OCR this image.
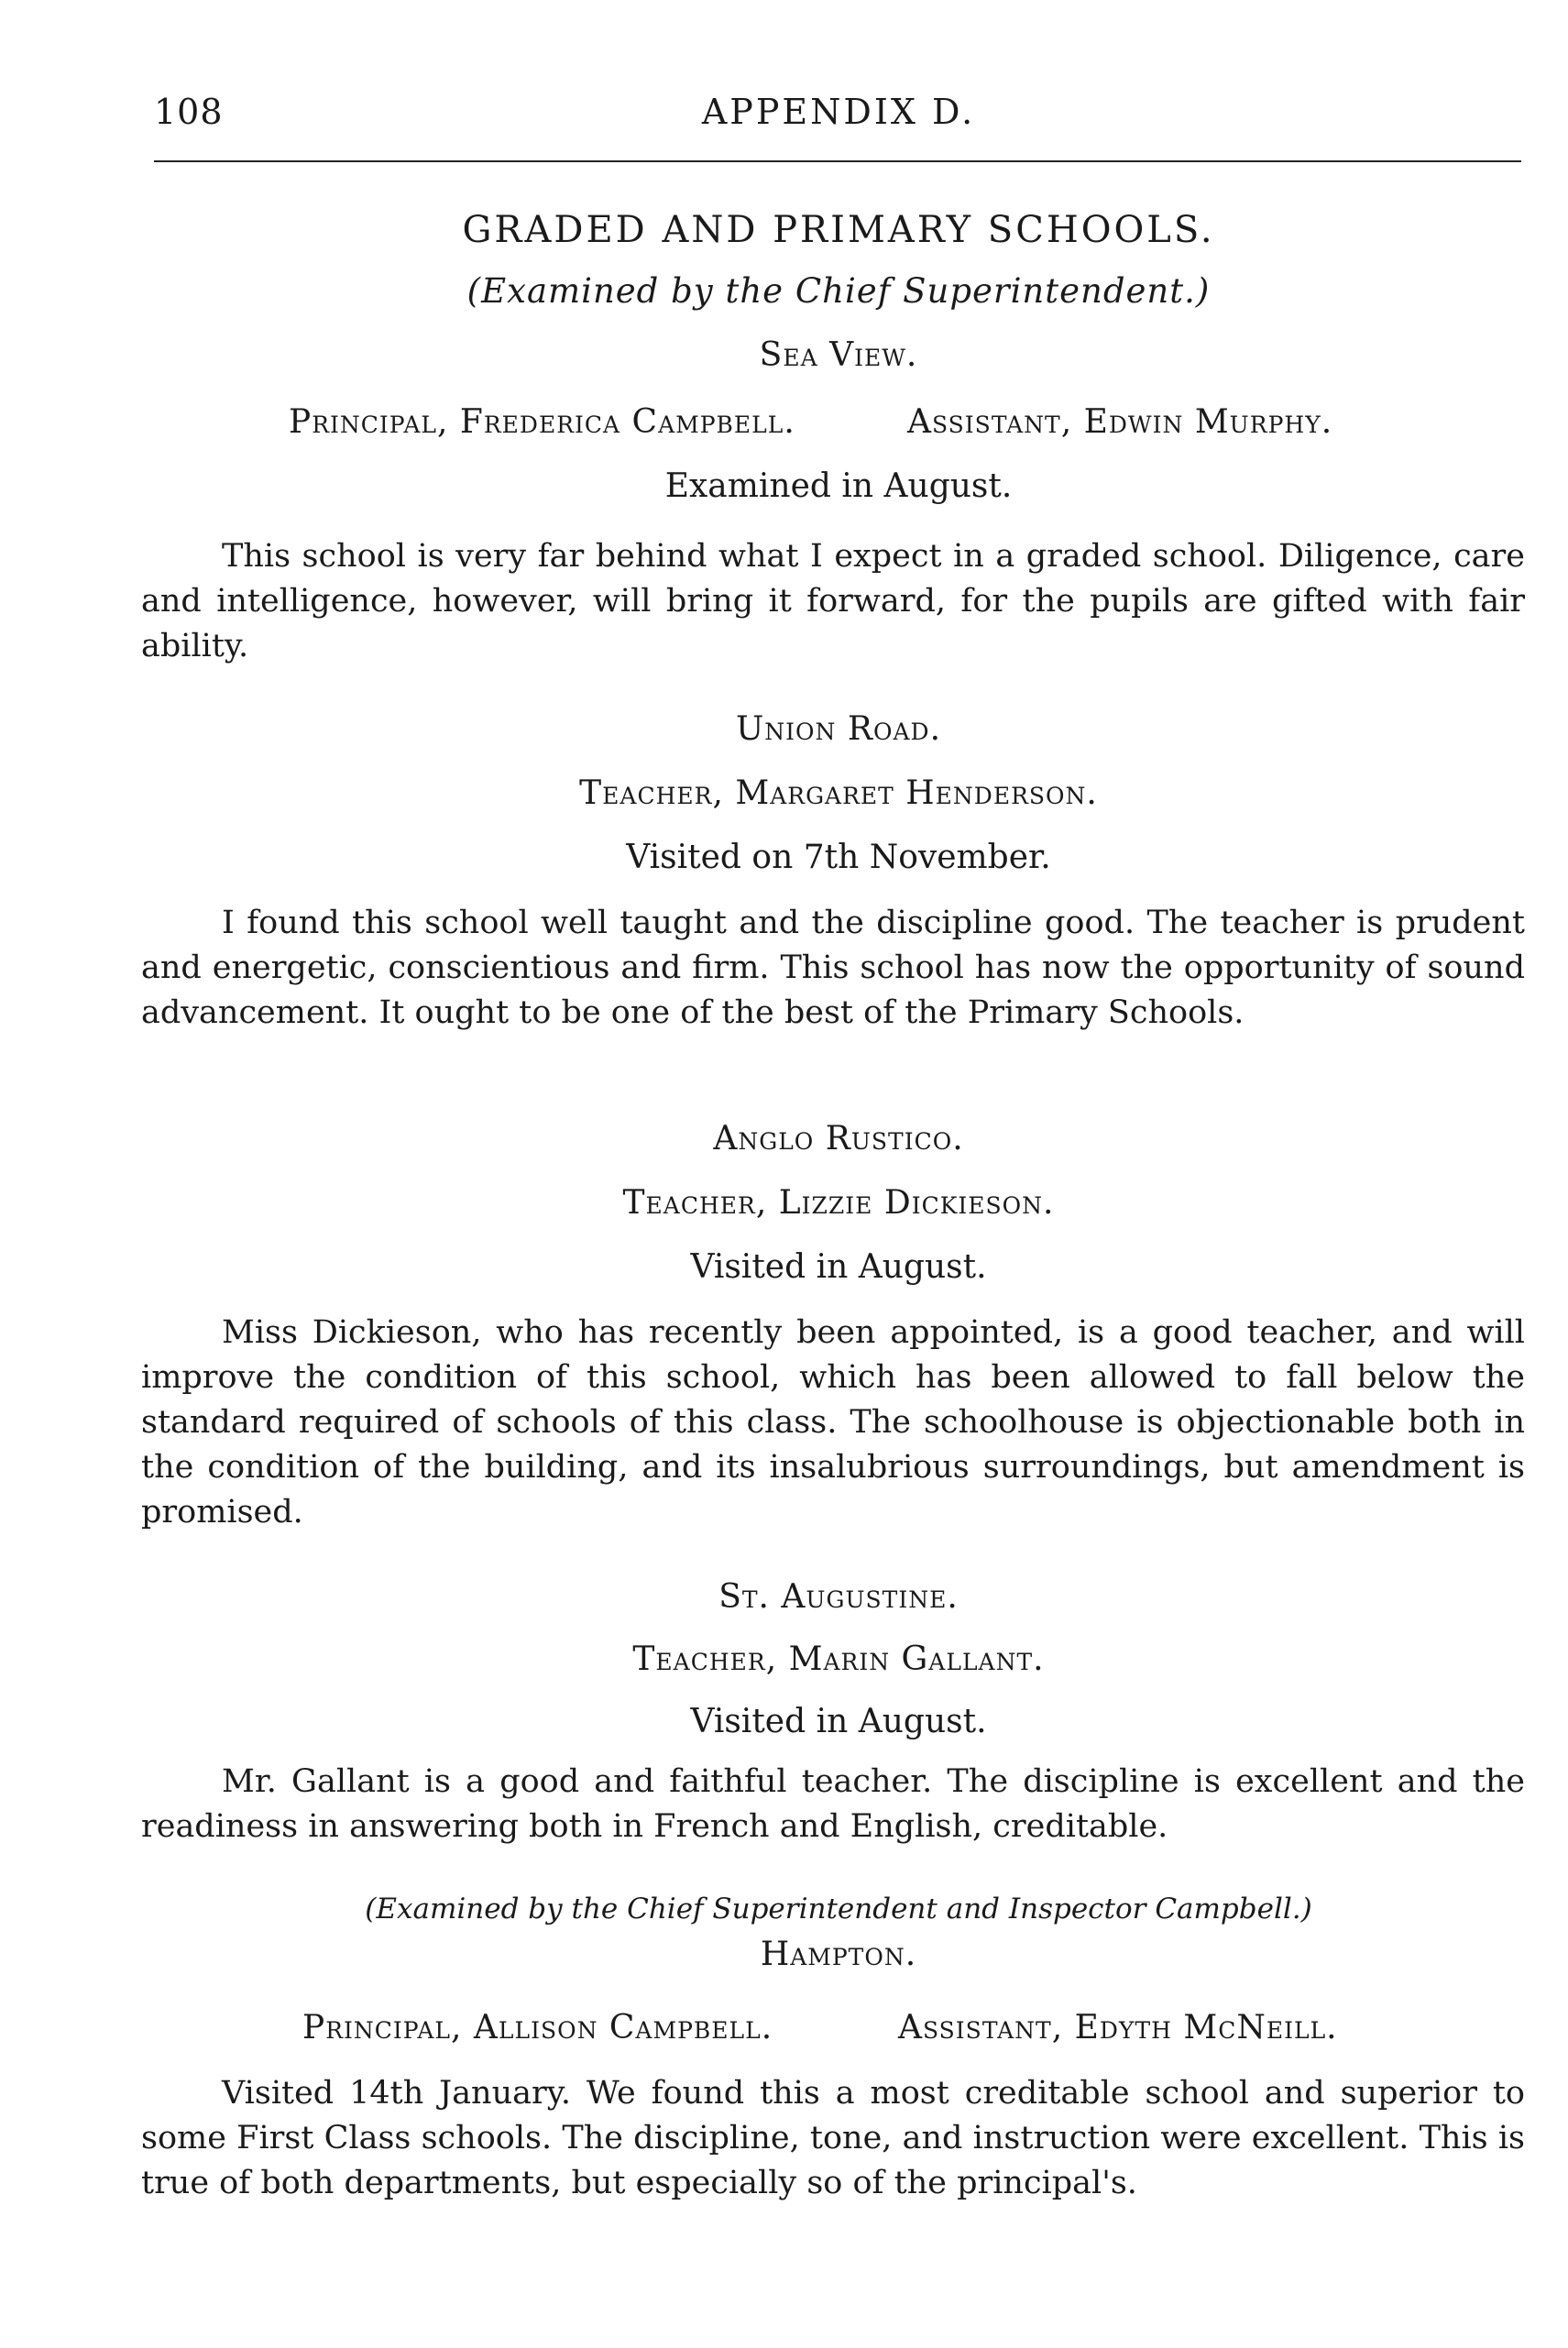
108	APPENDIX D.
GRADED AND PRIMARY SCHOOLS.
(Examined by the Chief Superintendent.)
Sea View.
Principal, Frederica Campbell.	Assistant, Edwin Murphy.
Examined in August.
This school is very far behind what I expect in a graded school. Diligence, care and intelligence, however, will bring it forward, for the pupils are gifted with fair ability.
Union Road.
Teacher, Margaret Henderson.
Visited on 7th November.
I found this school well taught and the discipline good. The teacher is prudent and energetic, conscientious and firm. This school has now the opportunity of sound advancement. It ought to be one of the best of the Primary Schools.
Anglo Rustico.
Teacher, Lizzie Dickieson.
Visited in August.
Miss Dickieson, who has recently been appointed, is a good teacher, and will improve the condition of this school, which has been allowed to fall below the standard required of schools of this class. The schoolhouse is objectionable both in the condition of the building, and its insalubrious surroundings, but amendment is promised.
St. Augustine.
Teacher, Marin Gallant.
Visited in August.
Mr. Gallant is a good and faithful teacher. The discipline is excellent and the readiness in answering both in French and English, creditable.
(Examined by the Chief Superintendent and Inspector Campbell.)
Hampton.
Principal, Allison Campbell.	Assistant, Edyth McNeill.
Visited 14th January. We found this a most creditable school and superior to some First Class schools. The discipline, tone, and instruction were excellent. This is true of both departments, but especially so of the principal's.
